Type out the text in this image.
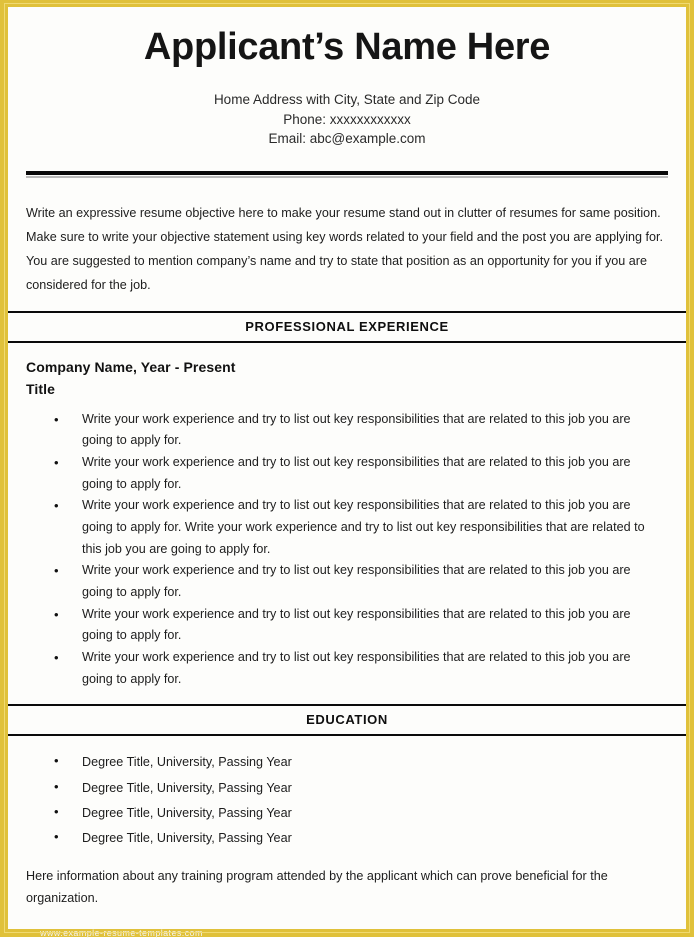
Applicant’s Name Here
Home Address with City, State and Zip Code
Phone: xxxxxxxxxxxx
Email: abc@example.com

Write an expressive resume objective here to make your resume stand out in clutter of resumes for same position. Make sure to write your objective statement using key words related to your field and the post you are applying for. You are suggested to mention company’s name and try to state that position as an opportunity for you if you are considered for the job.

PROFESSIONAL EXPERIENCE
Company Name, Year - Present
Title
• Write your work experience and try to list out key responsibilities that are related to this job you are going to apply for.
• Write your work experience and try to list out key responsibilities that are related to this job you are going to apply for.
• Write your work experience and try to list out key responsibilities that are related to this job you are going to apply for. Write your work experience and try to list out key responsibilities that are related to this job you are going to apply for.
• Write your work experience and try to list out key responsibilities that are related to this job you are going to apply for.
• Write your work experience and try to list out key responsibilities that are related to this job you are going to apply for.
• Write your work experience and try to list out key responsibilities that are related to this job you are going to apply for.
EDUCATION
• Degree Title, University, Passing Year
• Degree Title, University, Passing Year
• Degree Title, University, Passing Year
• Degree Title, University, Passing Year

Here information about any training program attended by the applicant which can prove beneficial for the organization.

www.example-resume-templates.com
